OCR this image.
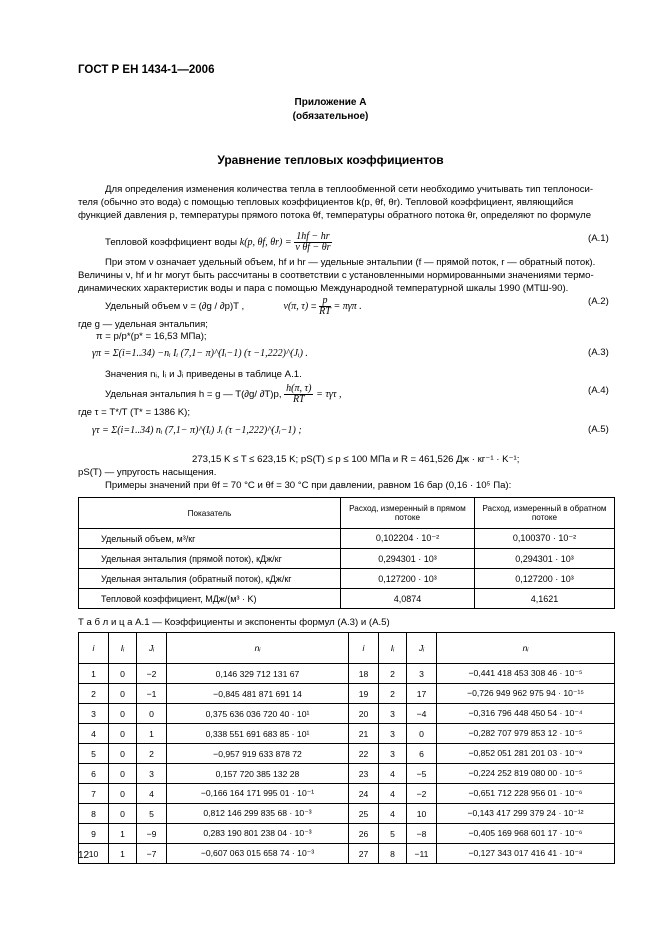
ГОСТ Р ЕН 1434-1—2006
Приложение А
(обязательное)
Уравнение тепловых коэффициентов
Для определения изменения количества тепла в теплообменной сети необходимо учитывать тип теплоноси-
теля (обычно это вода) с помощью тепловых коэффициентов k(p, θf, θr). Тепловой коэффициент, являющийся
функцией давления p, температуры прямого потока θf, температуры обратного потока θr, определяют по формуле
Тепловой коэффициент воды k(p, θf, $\theta r) = \frac{1hf - hr}{\text{v θf − θr}}$	(А.1)
При этом ν означает удельный объем, hf и hr — удельные энтальпии (f — прямой поток, r — обратный поток).
Величины ν, hf и hr могут быть рассчитаны в соответствии с установленными нормированными значениями термо-
динамических характеристик воды и пара с помощью Международной температурной шкалы 1990 (МТШ-90).
Удельный объем ν = (∂g / ∂p)T ,	ν(π, $\tau) = \frac{p}{RT} = \pi\gamma\pi$ .	(А.2)
где g — удельная энтальпия;
π = p/p*(p* = 16,53 МПа);
γπ = Σ(i=1..34) −nᵢ Iᵢ (7,1− π)^(Iᵢ−1) (τ −1,222)^(Jᵢ) .	(А.3)
Значения nᵢ, Iᵢ и Jᵢ приведены в таблице А.1.
Удельная энтальпия h = g — T(∂g/ ∂T)p, $\frac{h(\pi, \tau)}{RT} = \tau\gamma\tau$ ,	(А.4)
где τ = T*/T (T* = 1386 K);
γτ = Σ(i=1..34) nᵢ (7,1− π)^(Iᵢ) Jᵢ (τ −1,222)^(Jᵢ−1) ;	(А.5)
273,15 K ≤ T ≤ 623,15 K; pS(T) ≤ p ≤ 100 МПа и R = 461,526 Дж · кг⁻¹ · K⁻¹;
pS(T) — упругость насыщения.
Примеры значений при θf = 70 °С и θf = 30 °С при давлении, равном 16 бар (0,16 · 10⁵ Па):
Показатель	Расход, измеренный в прямом потоке	Расход, измеренный в обратном потоке
Удельный объем, м³/кг	0,102204 · 10⁻²	0,100370 · 10⁻²
Удельная энтальпия (прямой поток), кДж/кг	0,294301 · 10³	0,294301 · 10³
Удельная энтальпия (обратный поток), кДж/кг	0,127200 · 10³	0,127200 · 10³
Тепловой коэффициент, МДж/(м³ · K)	4,0874	4,1621
Т а б л и ц а А.1 — Коэффициенты и экспоненты формул (А.3) и (А.5)
i	Iᵢ	Jᵢ	nᵢ	i	Iᵢ	Jᵢ	nᵢ
1	0	−2	0,146 329 712 131 67	18	2	3	−0,441 418 453 308 46 · 10⁻⁵
2	0	−1	−0,845 481 871 691 14	19	2	17	−0,726 949 962 975 94 · 10⁻¹⁵
3	0	0	0,375 636 036 720 40 · 10¹	20	3	−4	−0,316 796 448 450 54 · 10⁻⁴
4	0	1	0,338 551 691 683 85 · 10¹	21	3	0	−0,282 707 979 853 12 · 10⁻⁵
5	0	2	−0,957 919 633 878 72	22	3	6	−0,852 051 281 201 03 · 10⁻⁹
6	0	3	0,157 720 385 132 28	23	4	−5	−0,224 252 819 080 00 · 10⁻⁵
7	0	4	−0,166 164 171 995 01 · 10⁻¹	24	4	−2	−0,651 712 228 956 01 · 10⁻⁶
8	0	5	0,812 146 299 835 68 · 10⁻³	25	4	10	−0,143 417 299 379 24 · 10⁻¹²
9	1	−9	0,283 190 801 238 04 · 10⁻³	26	5	−8	−0,405 169 968 601 17 · 10⁻⁶
10	1	−7	−0,607 063 015 658 74 · 10⁻³	27	8	−11	−0,127 343 017 416 41 · 10⁻⁸
12
